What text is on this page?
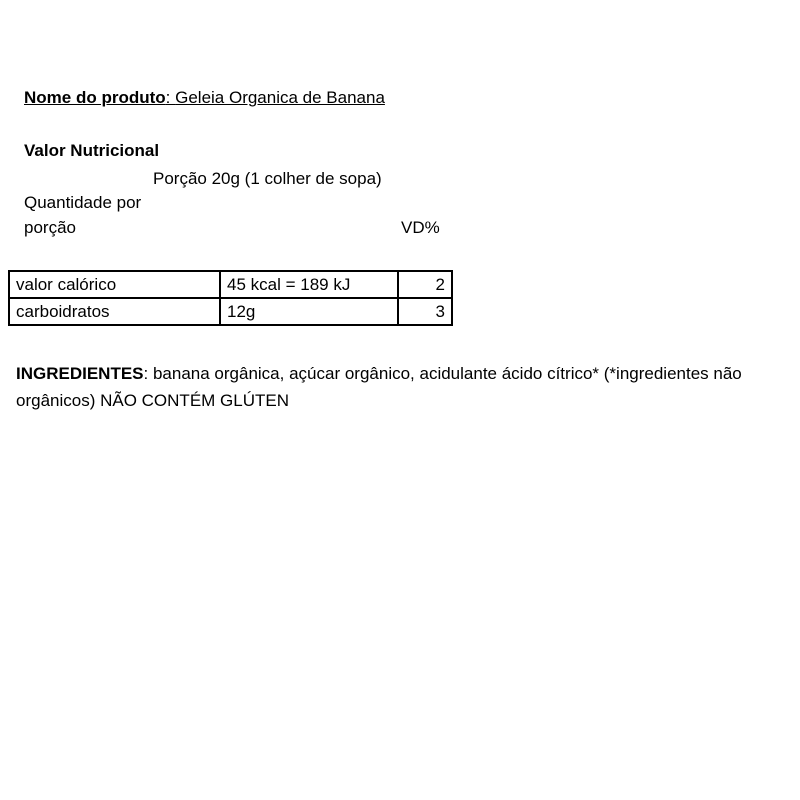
Nome do produto: Geleia Organica de Banana
Valor Nutricional
Porção 20g (1 colher de sopa)
Quantidade por
porção	VD%
valor calórico	45 kcal = 189 kJ	2
carboidratos	12g	3
INGREDIENTES: banana orgânica, açúcar orgânico, acidulante ácido cítrico* (*ingredientes não orgânicos) NÃO CONTÉM GLÚTEN
